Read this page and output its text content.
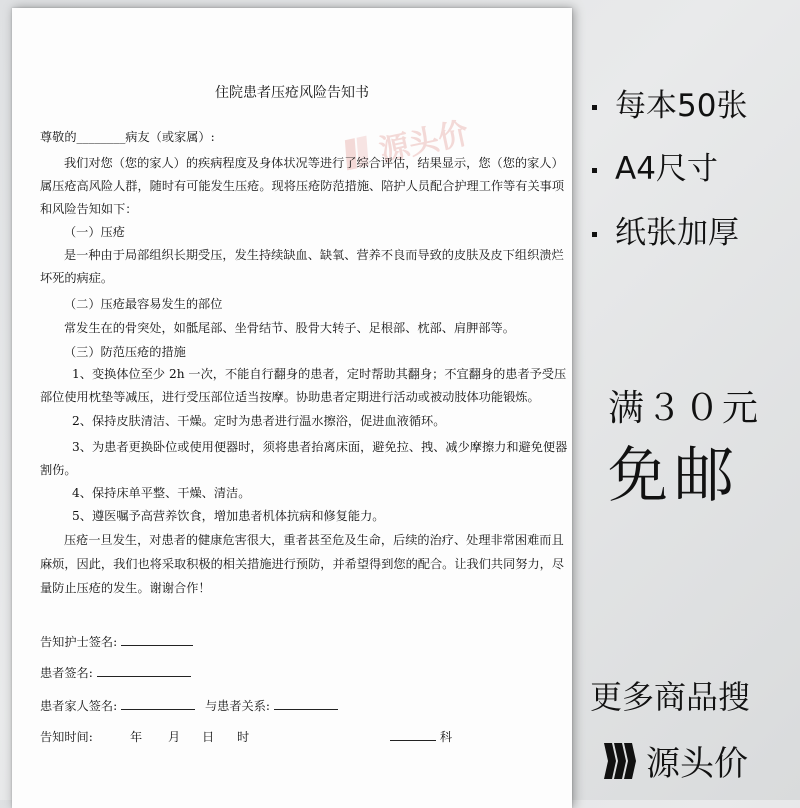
源头价
住院患者压疮风险告知书
尊敬的________病友（或家属）:
我们对您（您的家人）的疾病程度及身体状况等进行了综合评估，结果显示，您（您的家人）
属压疮高风险人群，随时有可能发生压疮。现将压疮防范措施、陪护人员配合护理工作等有关事项
和风险告知如下：
（一）压疮
是一种由于局部组织长期受压，发生持续缺血、缺氧、营养不良而导致的皮肤及皮下组织溃烂
坏死的病症。
（二）压疮最容易发生的部位
常发生在的骨突处，如骶尾部、坐骨结节、股骨大转子、足根部、枕部、肩胛部等。
（三）防范压疮的措施
1、变换体位至少 2h 一次，不能自行翻身的患者，定时帮助其翻身；不宜翻身的患者予受压
部位使用枕垫等减压，进行受压部位适当按摩。协助患者定期进行活动或被动肢体功能锻炼。
2、保持皮肤清洁、干燥。定时为患者进行温水擦浴，促进血液循环。
3、为患者更换卧位或使用便器时，须将患者抬离床面，避免拉、拽、减少摩擦力和避免便器
割伤。
4、保持床单平整、干燥、清洁。
5、遵医嘱予高营养饮食，增加患者机体抗病和修复能力。
压疮一旦发生，对患者的健康危害很大，重者甚至危及生命，后续的治疗、处理非常困难而且
麻烦，因此，我们也将采取积极的相关措施进行预防，并希望得到您的配合。让我们共同努力，尽
量防止压疮的发生。谢谢合作！
告知护士签名:
患者签名:
患者家人签名:	与患者关系:
告知时间:	年 月 日 时	科
每本50张
A4尺寸
纸张加厚
满３０元
免邮
更多商品搜
源头价
